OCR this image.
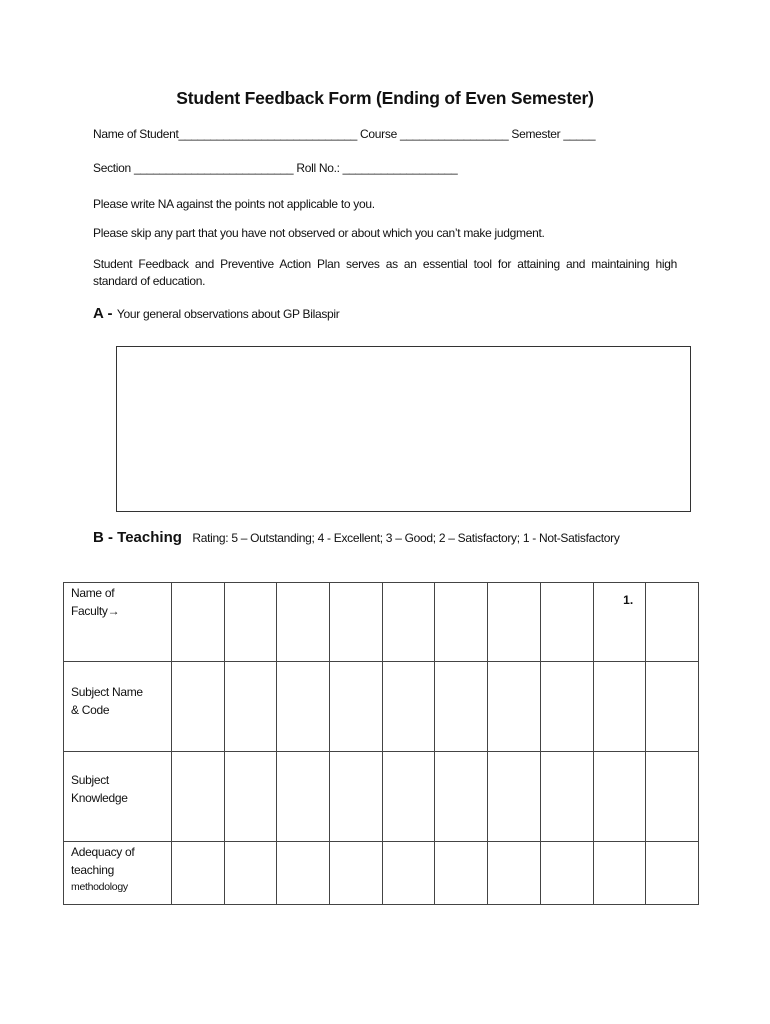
Student Feedback Form (Ending of Even Semester)
Name of Student____________________________ Course _________________ Semester _____
Section _________________________ Roll No.: __________________
Please write NA against the points not applicable to you.
Please skip any part that you have not observed or about which you can’t make judgment.
Student Feedback and Preventive Action Plan serves as an essential tool for attaining and maintaining high standard of education.
A - Your general observations about GP Bilaspir
B - Teaching Rating: 5 – Outstanding; 4 - Excellent; 3 – Good; 2 – Satisfactory; 1 - Not-Satisfactory
Name of
Faculty→									1.	

Subject Name
& Code										

Subject
Knowledge										

Adequacy of
teaching
methodology										
